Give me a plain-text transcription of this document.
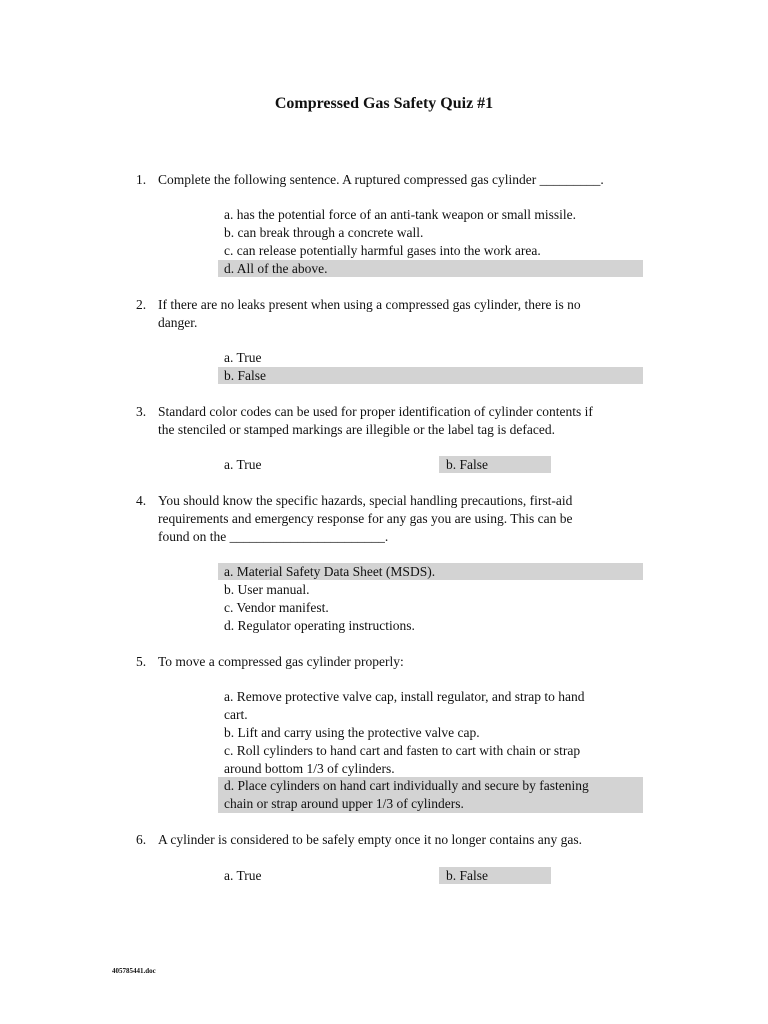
Compressed Gas Safety Quiz #1
1. Complete the following sentence. A ruptured compressed gas cylinder _________.
a. has the potential force of an anti-tank weapon or small missile.
b. can break through a concrete wall.
c. can release potentially harmful gases into the work area.
d. All of the above.
2. If there are no leaks present when using a compressed gas cylinder, there is no
danger.
a. True
b. False
3. Standard color codes can be used for proper identification of cylinder contents if
the stenciled or stamped markings are illegible or the label tag is defaced.
a. True	b. False
4. You should know the specific hazards, special handling precautions, first-aid
requirements and emergency response for any gas you are using. This can be
found on the _______________________.
a. Material Safety Data Sheet (MSDS).
b. User manual.
c. Vendor manifest.
d. Regulator operating instructions.
5. To move a compressed gas cylinder properly:
a. Remove protective valve cap, install regulator, and strap to hand
cart.
b. Lift and carry using the protective valve cap.
c. Roll cylinders to hand cart and fasten to cart with chain or strap
around bottom 1/3 of cylinders.
d. Place cylinders on hand cart individually and secure by fastening
chain or strap around upper 1/3 of cylinders.
6. A cylinder is considered to be safely empty once it no longer contains any gas.
a. True	b. False
405785441.doc
